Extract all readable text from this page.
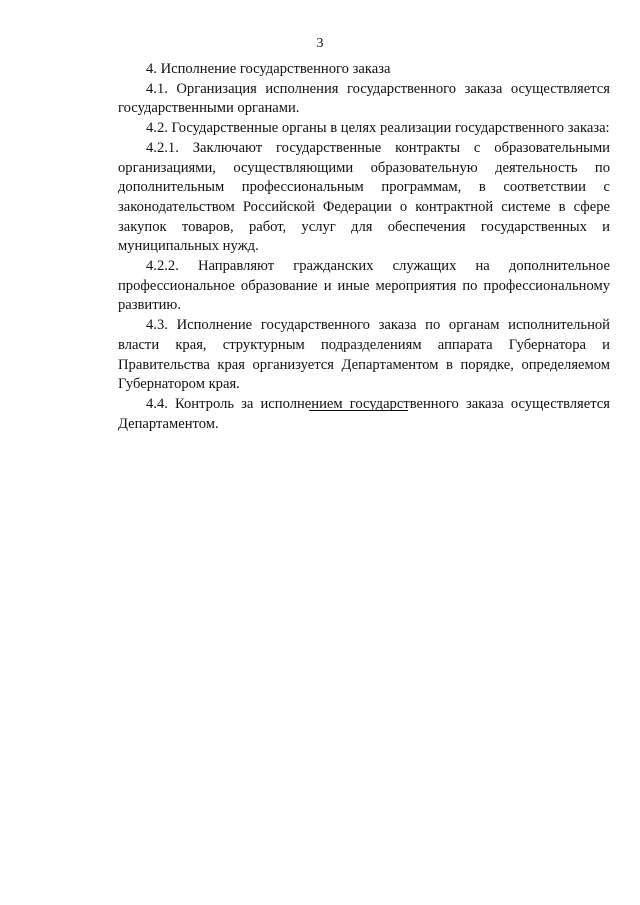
3

4. Исполнение государственного заказа

4.1. Организация исполнения государственного заказа осуществляется государственными органами.

4.2. Государственные органы в целях реализации государственного заказа:

4.2.1. Заключают государственные контракты с образовательными организациями, осуществляющими образовательную деятельность по дополнительным профессиональным программам, в соответствии с законодательством Российской Федерации о контрактной системе в сфере закупок товаров, работ, услуг для обеспечения государственных и муниципальных нужд.

4.2.2. Направляют гражданских служащих на дополнительное профессиональное образование и иные мероприятия по профессиональному развитию.

4.3. Исполнение государственного заказа по органам исполнительной власти края, структурным подразделениям аппарата Губернатора и Правительства края организуется Департаментом в порядке, определяемом Губернатором края.

4.4. Контроль за исполнением государственного заказа осуществляется Департаментом.
